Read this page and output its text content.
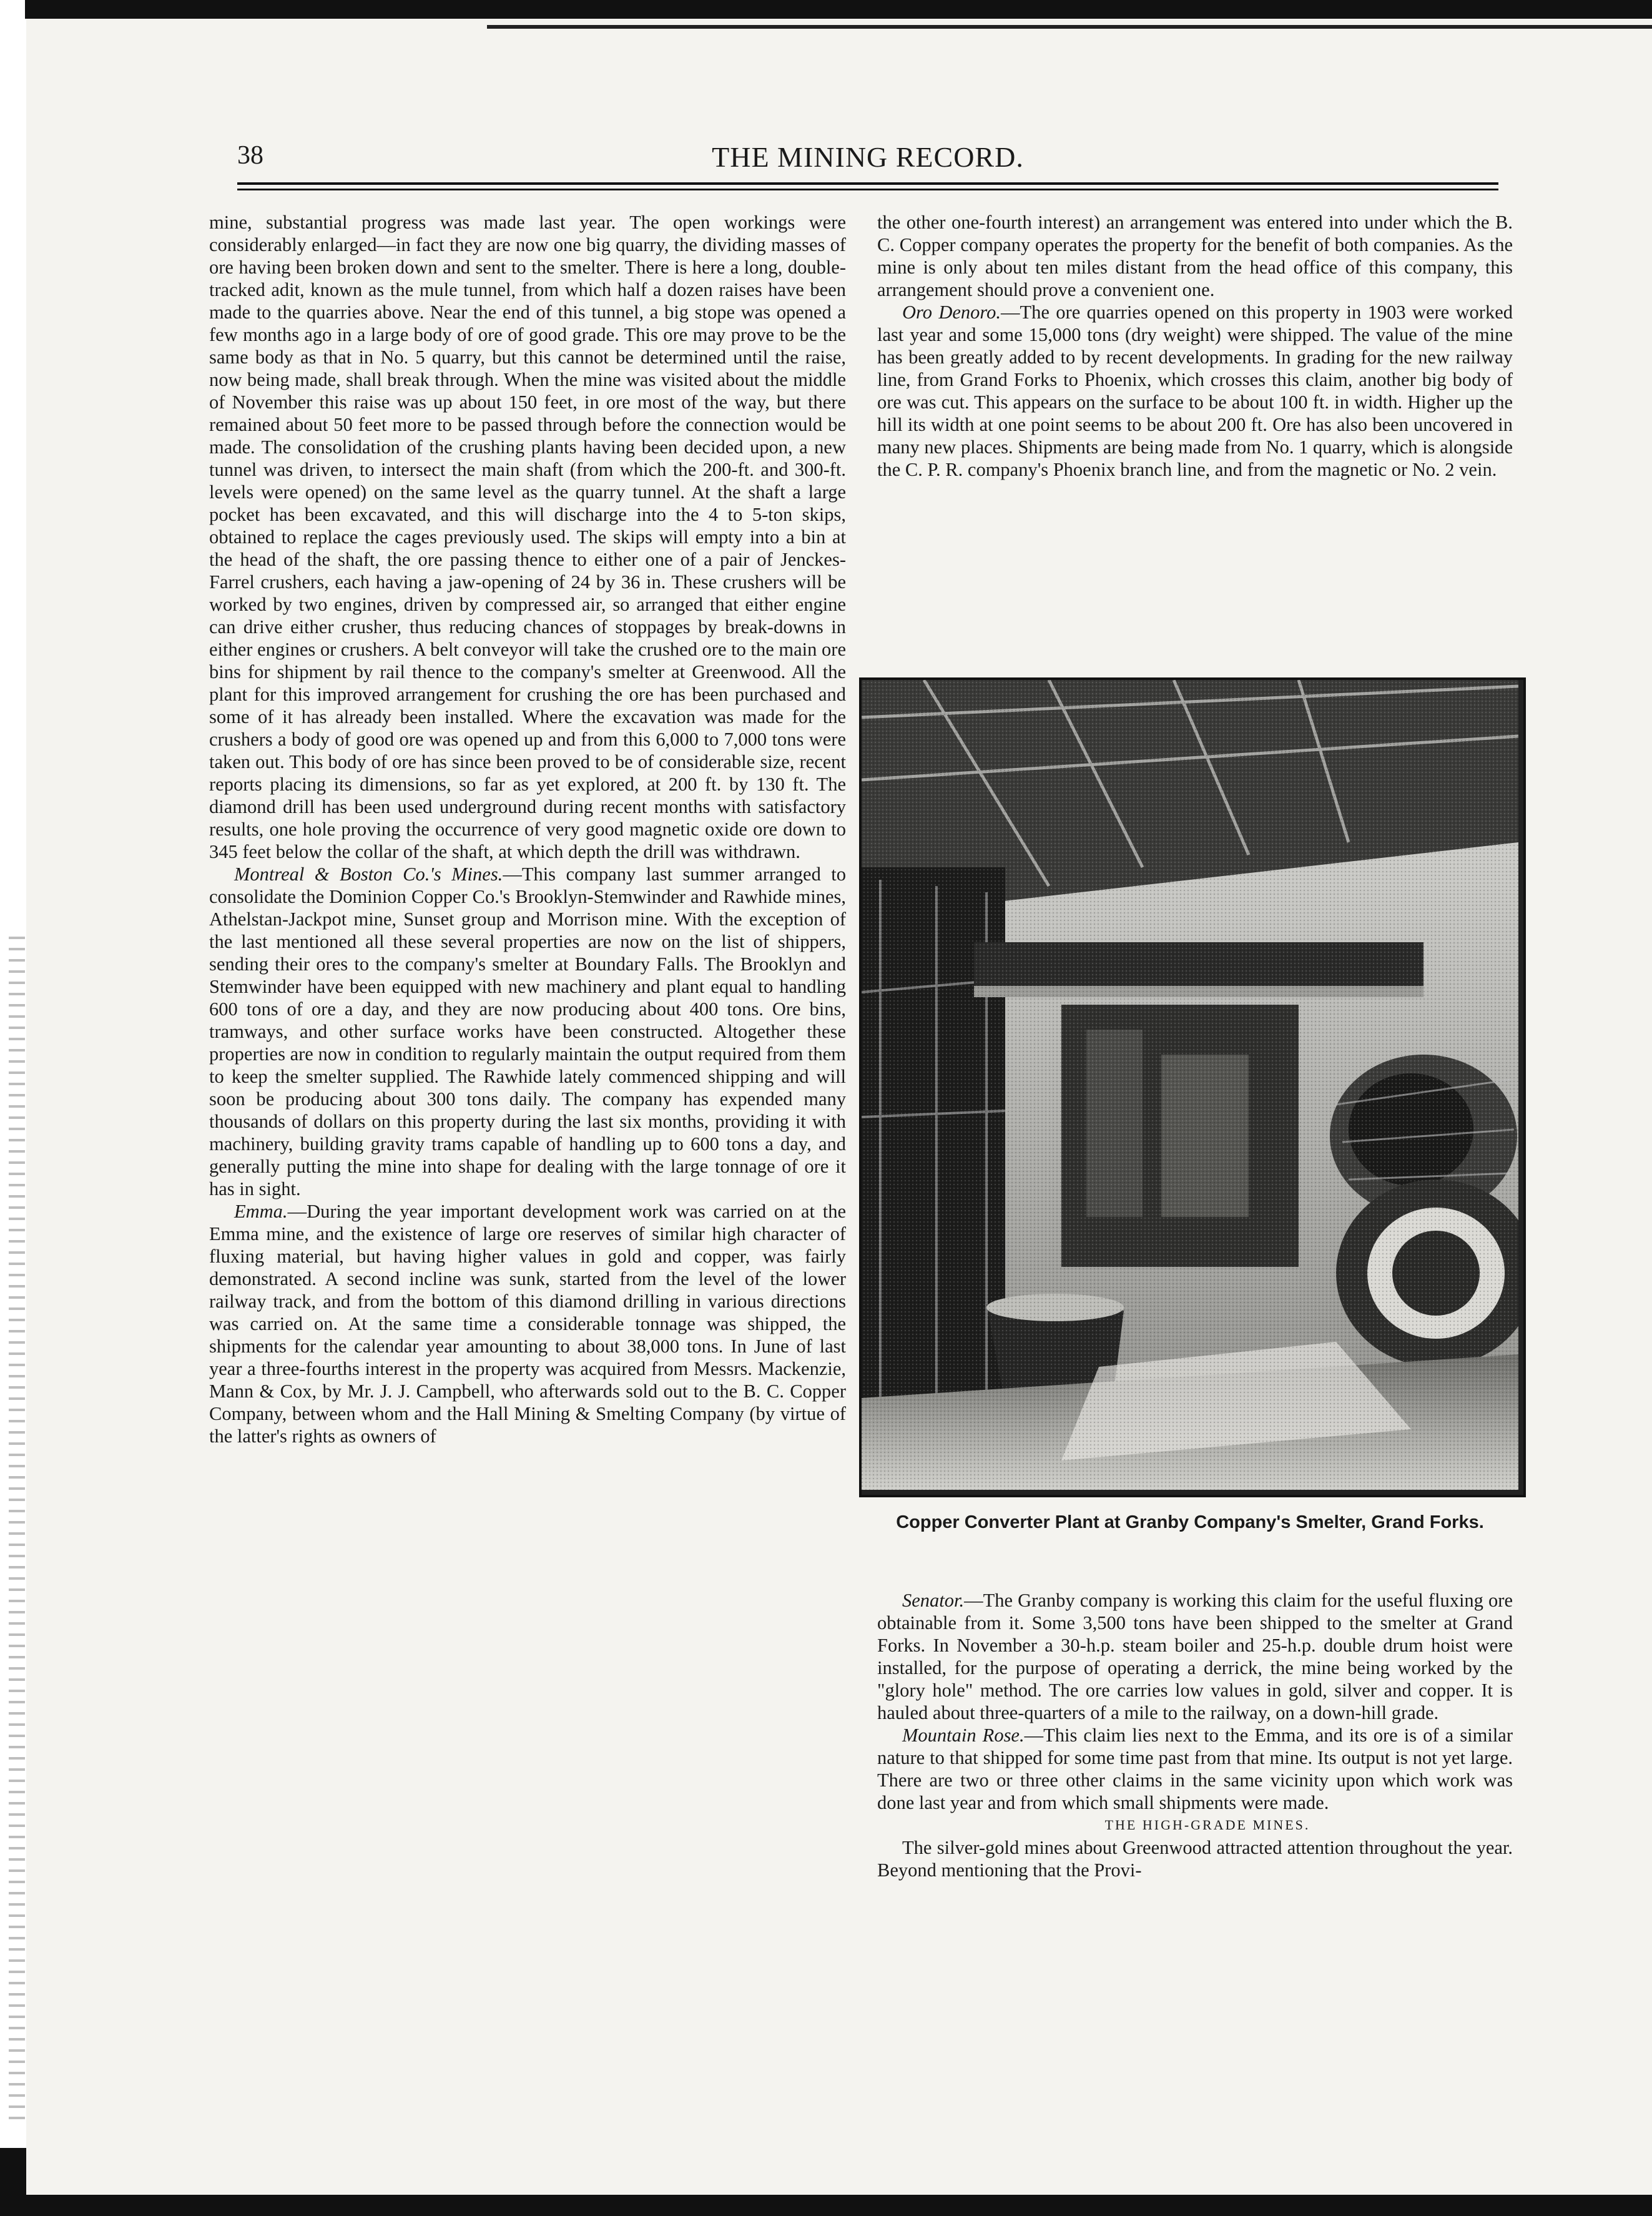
38	THE MINING RECORD.

mine, substantial progress was made last year. The open workings were considerably enlarged—in fact they are now one big quarry, the dividing masses of ore having been broken down and sent to the smelter. There is here a long, double-tracked adit, known as the mule tunnel, from which half a dozen raises have been made to the quarries above. Near the end of this tunnel, a big stope was opened a few months ago in a large body of ore of good grade. This ore may prove to be the same body as that in No. 5 quarry, but this cannot be determined until the raise, now being made, shall break through. When the mine was visited about the middle of November this raise was up about 150 feet, in ore most of the way, but there remained about 50 feet more to be passed through before the connection would be made. The consolidation of the crushing plants having been decided upon, a new tunnel was driven, to intersect the main shaft (from which the 200-ft. and 300-ft. levels were opened) on the same level as the quarry tunnel. At the shaft a large pocket has been excavated, and this will discharge into the 4 to 5-ton skips, obtained to replace the cages previously used. The skips will empty into a bin at the head of the shaft, the ore passing thence to either one of a pair of Jenckes-Farrel crushers, each having a jaw-opening of 24 by 36 in. These crushers will be worked by two engines, driven by compressed air, so arranged that either engine can drive either crusher, thus reducing chances of stoppages by break-downs in either engines or crushers. A belt conveyor will take the crushed ore to the main ore bins for shipment by rail thence to the company's smelter at Greenwood. All the plant for this improved arrangement for crushing the ore has been purchased and some of it has already been installed. Where the excavation was made for the crushers a body of good ore was opened up and from this 6,000 to 7,000 tons were taken out. This body of ore has since been proved to be of considerable size, recent reports placing its dimensions, so far as yet explored, at 200 ft. by 130 ft. The diamond drill has been used underground during recent months with satisfactory results, one hole proving the occurrence of very good magnetic oxide ore down to 345 feet below the collar of the shaft, at which depth the drill was withdrawn.

Montreal & Boston Co.'s Mines.—This company last summer arranged to consolidate the Dominion Copper Co.'s Brooklyn-Stemwinder and Rawhide mines, Athelstan-Jackpot mine, Sunset group and Morrison mine. With the exception of the last mentioned all these several properties are now on the list of shippers, sending their ores to the company's smelter at Boundary Falls. The Brooklyn and Stemwinder have been equipped with new machinery and plant equal to handling 600 tons of ore a day, and they are now producing about 400 tons. Ore bins, tramways, and other surface works have been constructed. Altogether these properties are now in condition to regularly maintain the output required from them to keep the smelter supplied. The Rawhide lately commenced shipping and will soon be producing about 300 tons daily. The company has expended many thousands of dollars on this property during the last six months, providing it with machinery, building gravity trams capable of handling up to 600 tons a day, and generally putting the mine into shape for dealing with the large tonnage of ore it has in sight.

Emma.—During the year important development work was carried on at the Emma mine, and the existence of large ore reserves of similar high character of fluxing material, but having higher values in gold and copper, was fairly demonstrated. A second incline was sunk, started from the level of the lower railway track, and from the bottom of this diamond drilling in various directions was carried on. At the same time a considerable tonnage was shipped, the shipments for the calendar year amounting to about 38,000 tons. In June of last year a three-fourths interest in the property was acquired from Messrs. Mackenzie, Mann & Cox, by Mr. J. J. Campbell, who afterwards sold out to the B. C. Copper Company, between whom and the Hall Mining & Smelting Company (by virtue of the latter's rights as owners of

the other one-fourth interest) an arrangement was entered into under which the B. C. Copper company operates the property for the benefit of both companies. As the mine is only about ten miles distant from the head office of this company, this arrangement should prove a convenient one.

Oro Denoro.—The ore quarries opened on this property in 1903 were worked last year and some 15,000 tons (dry weight) were shipped. The value of the mine has been greatly added to by recent developments. In grading for the new railway line, from Grand Forks to Phoenix, which crosses this claim, another big body of ore was cut. This appears on the surface to be about 100 ft. in width. Higher up the hill its width at one point seems to be about 200 ft. Ore has also been uncovered in many new places. Shipments are being made from No. 1 quarry, which is alongside the C. P. R. company's Phoenix branch line, and from the magnetic or No. 2 vein.

Copper Converter Plant at Granby Company's Smelter, Grand Forks.

Senator.—The Granby company is working this claim for the useful fluxing ore obtainable from it. Some 3,500 tons have been shipped to the smelter at Grand Forks. In November a 30-h.p. steam boiler and 25-h.p. double drum hoist were installed, for the purpose of operating a derrick, the mine being worked by the "glory hole" method. The ore carries low values in gold, silver and copper. It is hauled about three-quarters of a mile to the railway, on a down-hill grade.

Mountain Rose.—This claim lies next to the Emma, and its ore is of a similar nature to that shipped for some time past from that mine. Its output is not yet large. There are two or three other claims in the same vicinity upon which work was done last year and from which small shipments were made.

THE HIGH-GRADE MINES.

The silver-gold mines about Greenwood attracted attention throughout the year. Beyond mentioning that the Provi-
